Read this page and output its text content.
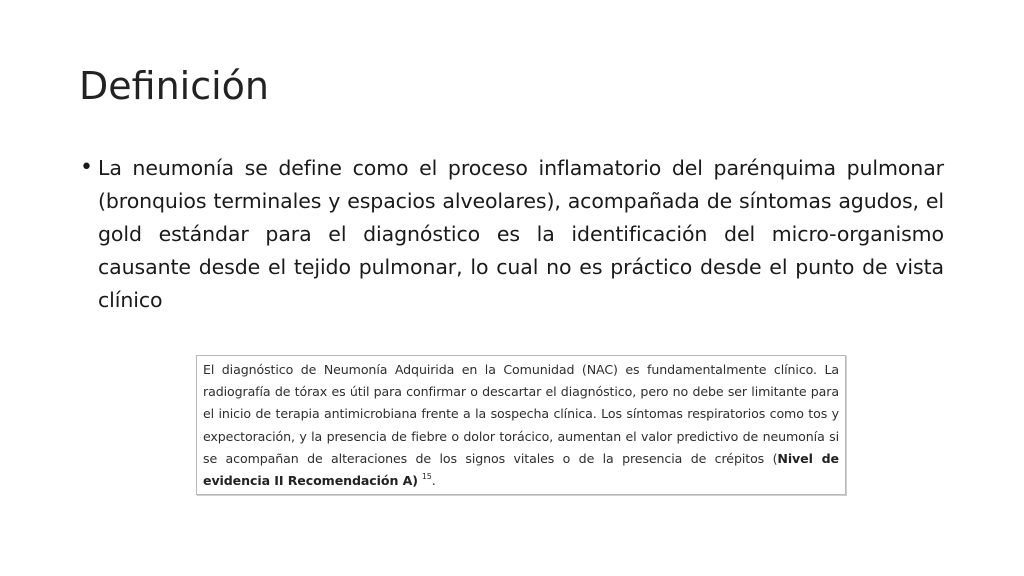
Definición
• La neumonía se define como el proceso inflamatorio del parénquima pulmonar (bronquios terminales y espacios alveolares), acompañada de síntomas agudos, el gold estándar para el diagnóstico es la identificación del micro-organismo causante desde el tejido pulmonar, lo cual no es práctico desde el punto de vista clínico

El diagnóstico de Neumonía Adquirida en la Comunidad (NAC) es fundamentalmente clínico. La radiografía de tórax es útil para confirmar o descartar el diagnóstico, pero no debe ser limitante para el inicio de terapia antimicrobiana frente a la sospecha clínica. Los síntomas respiratorios como tos y expectoración, y la presencia de fiebre o dolor torácico, aumentan el valor predictivo de neumonía si se acompañan de alteraciones de los signos vitales o de la presencia de crépitos (Nivel de evidencia II Recomendación A) $^{15}$.
